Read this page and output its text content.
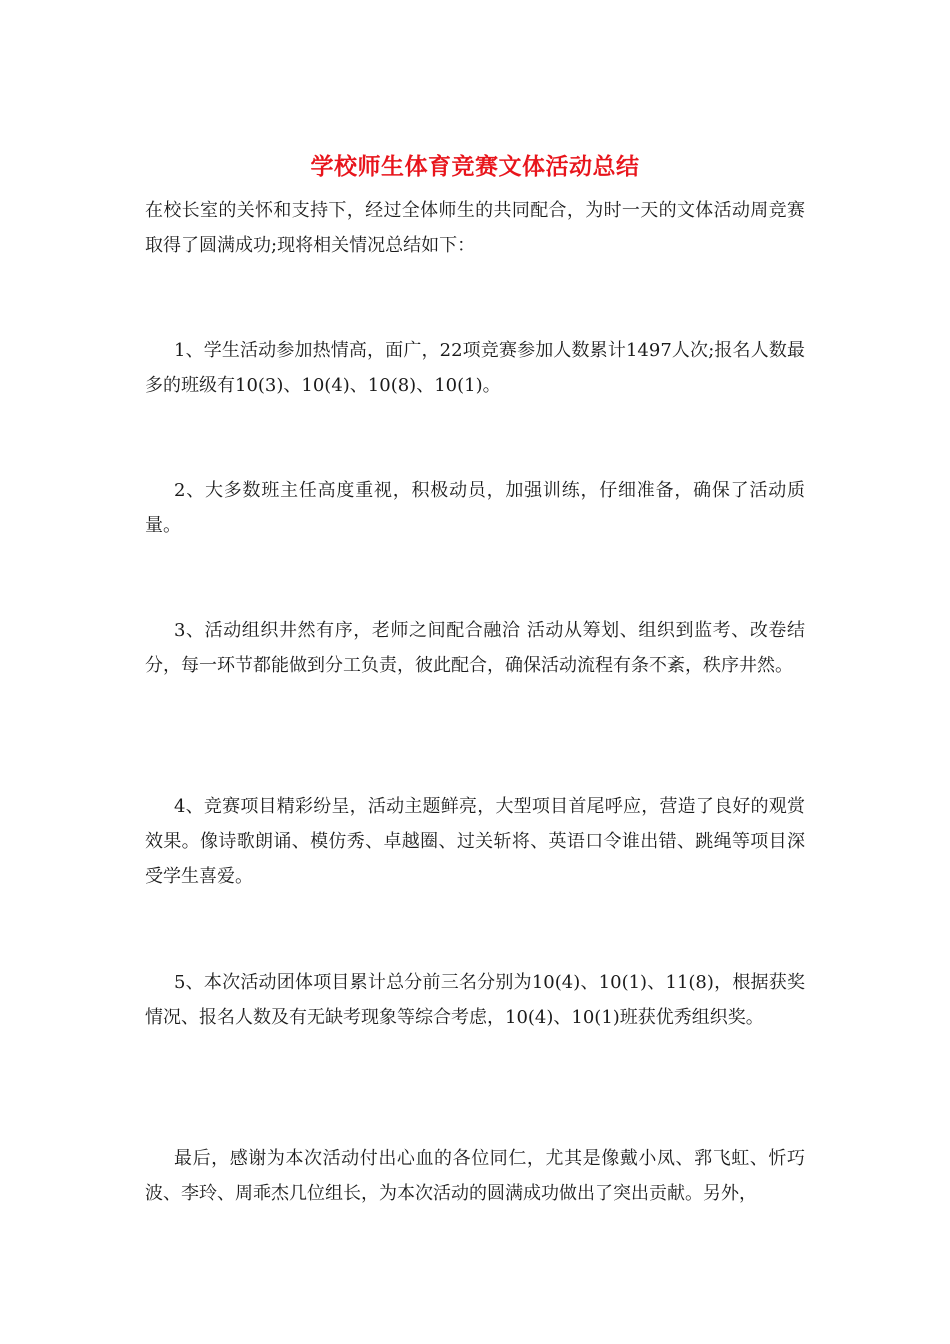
学校师生体育竞赛文体活动总结
在校长室的关怀和支持下，经过全体师生的共同配合，为时一天的文体活动周竞赛取得了圆满成功;现将相关情况总结如下：
1、学生活动参加热情高，面广，22项竞赛参加人数累计1497人次;报名人数最多的班级有10(3)、10(4)、10(8)、10(1)。
2、大多数班主任高度重视，积极动员，加强训练，仔细准备，确保了活动质量。
3、活动组织井然有序，老师之间配合融洽 活动从筹划、组织到监考、改卷结分，每一环节都能做到分工负责，彼此配合，确保活动流程有条不紊，秩序井然。
4、竞赛项目精彩纷呈，活动主题鲜亮，大型项目首尾呼应，营造了良好的观赏效果。像诗歌朗诵、模仿秀、卓越圈、过关斩将、英语口令谁出错、跳绳等项目深受学生喜爱。
5、本次活动团体项目累计总分前三名分别为10(4)、10(1)、11(8)，根据获奖情况、报名人数及有无缺考现象等综合考虑，10(4)、10(1)班获优秀组织奖。
最后，感谢为本次活动付出心血的各位同仁，尤其是像戴小凤、郛飞虹、忻巧波、李玲、周乖杰几位组长，为本次活动的圆满成功做出了突出贡献。另外，
